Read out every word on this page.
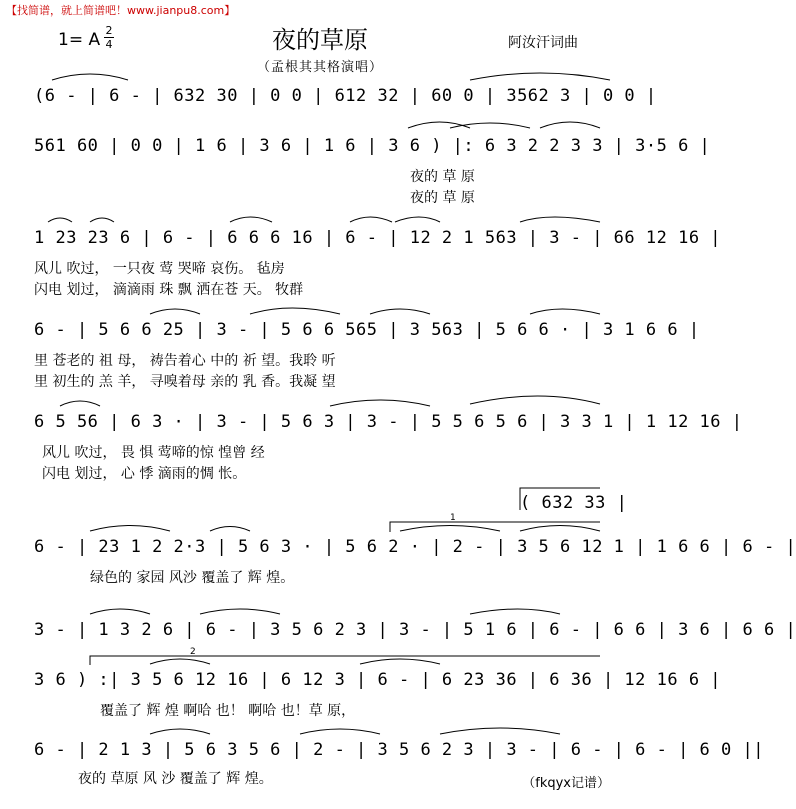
【找简谱，就上简谱吧！www.jianpu8.com】
夜的草原
1= A 2
4	阿汝汗词曲
（孟根其其格演唱）
(6 - | 6 - | 632 30 | 0 0 | 612 32 | 60 0 | 3562 3 | 0 0 |
561 60 | 0 0 | 1 6 | 3 6 | 1 6 | 3 6 ) |: 6 3 2 2 3 3 | 3·5 6 |
1 23 23 6 | 6 - | 6 6 6 16 | 6 - | 12 2 1 563 | 3 - | 66 12 16 |
6 - | 5 6 6 25 | 3 - | 5 6 6 565 | 3 563 | 5 6 6 · | 3 1 6 6 |
6 5 56 | 6 3 · | 3 - | 5 6 3 | 3 - | 5 5 6 5 6 | 3 3 1 | 1 12 16 |
( 632 33 |
6 - | 23 1 2 2·3 | 5 6 3 · | 5 6 2 · | 2 - | 3 5 6 12 1 | 1 6 6 | 6 - |
3 - | 1 3 2 6 | 6 - | 3 5 6 2 3 | 3 - | 5 1 6 | 6 - | 6 6 | 3 6 | 6 6 |
3 6 ) :| 3 5 6 12 16 | 6 12 3 | 6 - | 6 23 36 | 6 36 | 12 16 6 |
6 - | 2 1 3 | 5 6 3 5 6 | 2 - | 3 5 6 2 3 | 3 - | 6 - | 6 - | 6 0 ||
夜的 草 原
夜的 草 原
风儿 吹过， 一只夜 莺 哭啼 哀伤。 毡房
闪电 划过， 滴滴雨 珠 飘 洒在苍 天。 牧群
里 苍老的 祖 母， 祷告着心 中的 祈 望。我聆 听
里 初生的 羔 羊， 寻嗅着母 亲的 乳 香。我凝 望
风儿 吹过， 畏 惧 莺啼的惊 惶曾 经
闪电 划过， 心 悸 滴雨的惆 怅。
绿色的 家园 风沙 覆盖了 辉 煌。
覆盖了 辉 煌 啊哈 也！ 啊哈 也！草 原，
夜的 草原 风 沙 覆盖了 辉 煌。	（fkqyx记谱）
1
2
